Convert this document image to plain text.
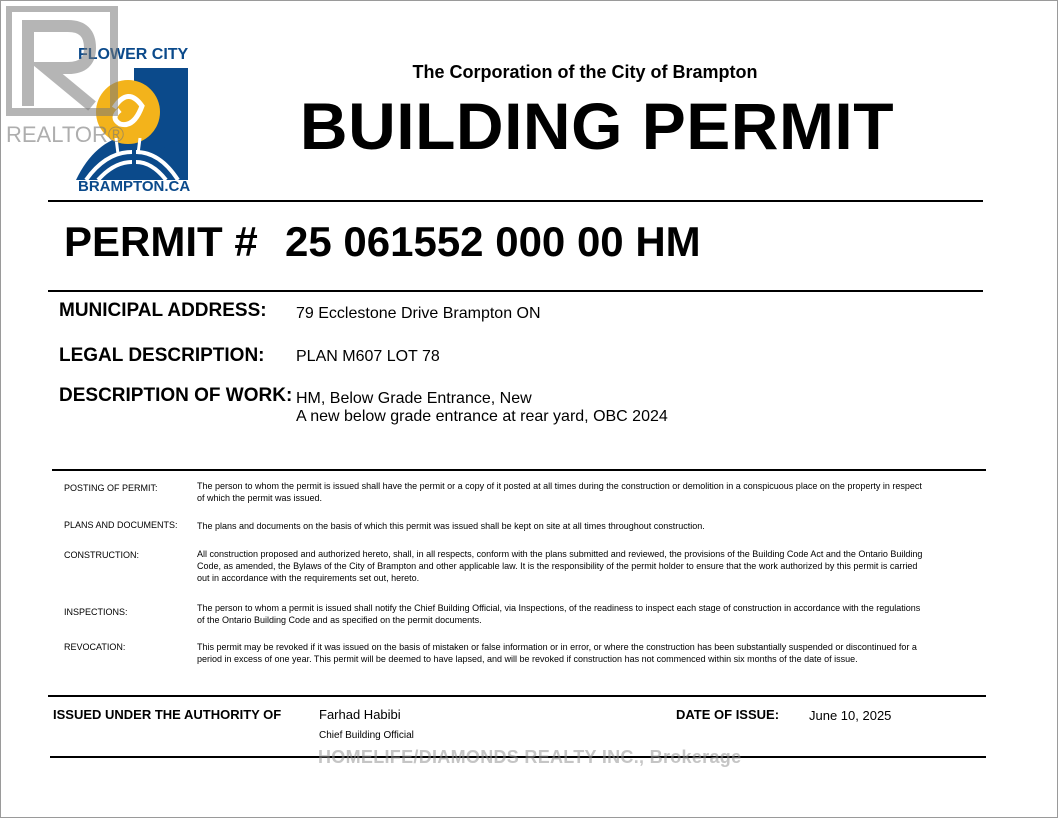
FLOWER CITY
BRAMPTON.CA
REALTOR®
The Corporation of the City of Brampton
BUILDING PERMIT
PERMIT # 25 061552 000 00 HM
MUNICIPAL ADDRESS: 79 Ecclestone Drive Brampton ON
LEGAL DESCRIPTION: PLAN M607 LOT 78
DESCRIPTION OF WORK: HM, Below Grade Entrance, New
A new below grade entrance at rear yard, OBC 2024
POSTING OF PERMIT:	The person to whom the permit is issued shall have the permit or a copy of it posted at all times during the construction or demolition in a conspicuous place on the property in respect of which the permit was issued.
PLANS AND DOCUMENTS: The plans and documents on the basis of which this permit was issued shall be kept on site at all times throughout construction.
CONSTRUCTION:	All construction proposed and authorized hereto, shall, in all respects, conform with the plans submitted and reviewed, the provisions of the Building Code Act and the Ontario Building Code, as amended, the Bylaws of the City of Brampton and other applicable law. It is the responsibility of the permit holder to ensure that the work authorized by this permit is carried out in accordance with the requirements set out, hereto.
INSPECTIONS:	The person to whom a permit is issued shall notify the Chief Building Official, via Inspections, of the readiness to inspect each stage of construction in accordance with the regulations of the Ontario Building Code and as specified on the permit documents.
REVOCATION:	This permit may be revoked if it was issued on the basis of mistaken or false information or in error, or where the construction has been substantially suspended or discontinued for a period in excess of one year. This permit will be deemed to have lapsed, and will be revoked if construction has not commenced within six months of the date of issue.
ISSUED UNDER THE AUTHORITY OF	Farhad Habibi
Chief Building Official
DATE OF ISSUE: June 10, 2025
HOMELIFE/DIAMONDS REALTY INC., Brokerage
